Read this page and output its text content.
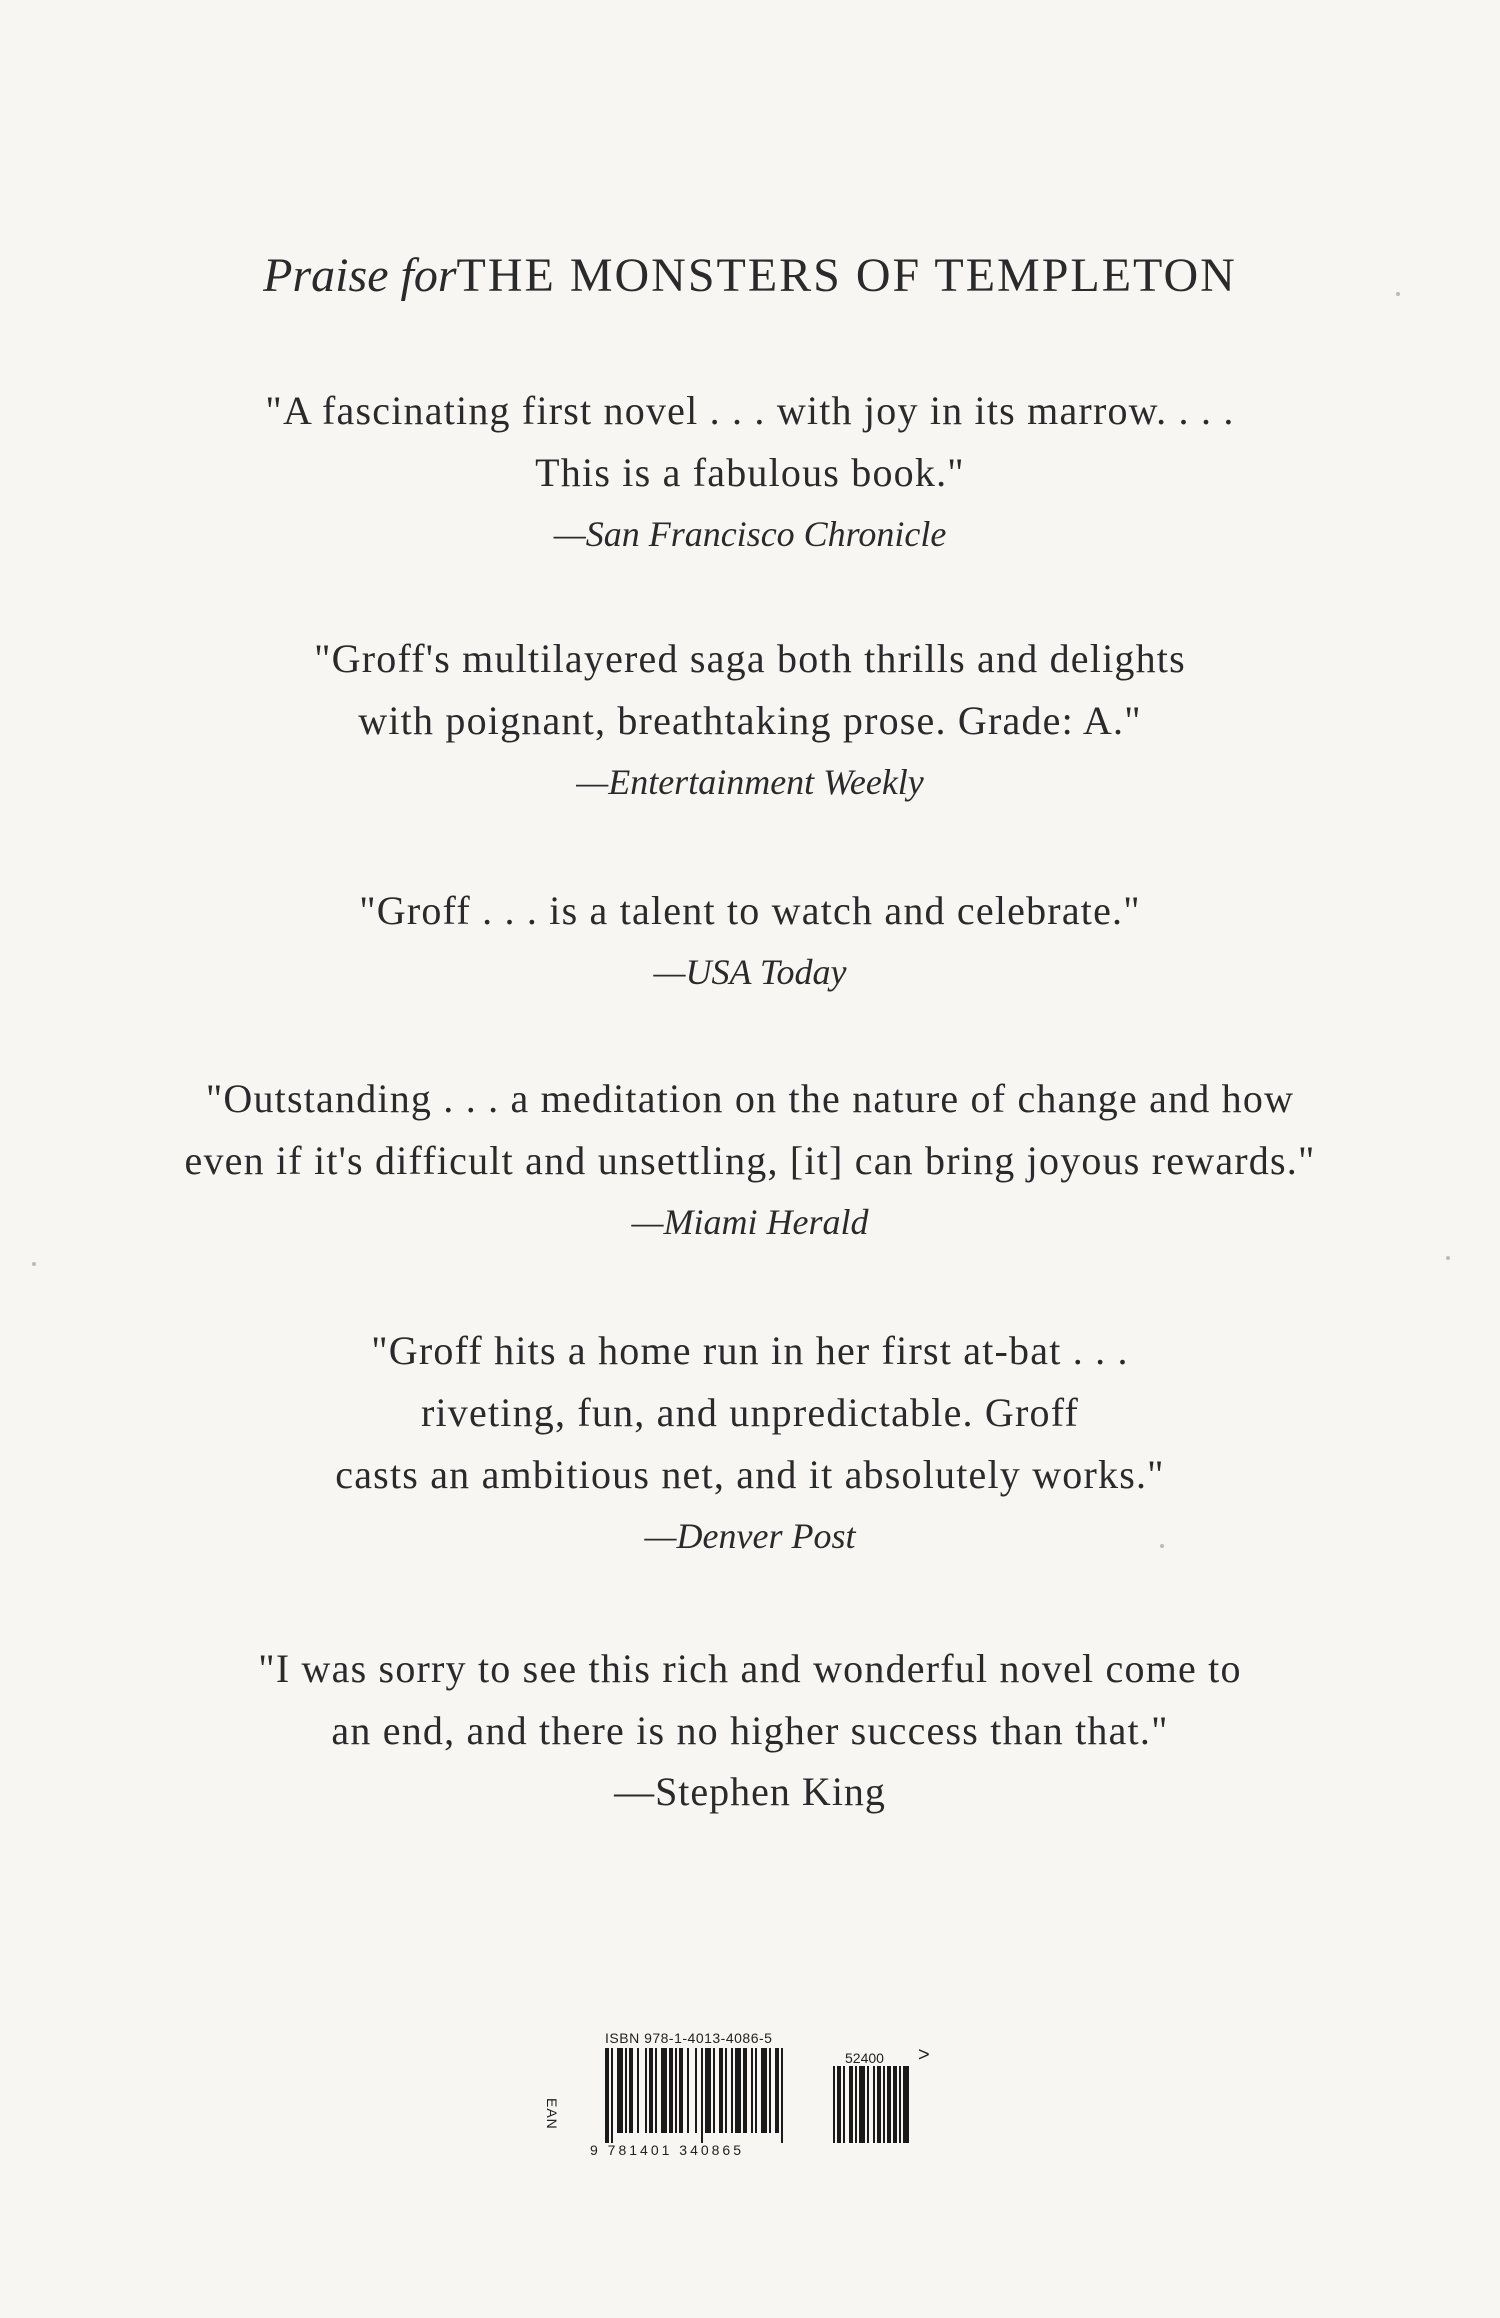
Praise forTHE MONSTERS OF TEMPLETON
"A fascinating first novel . . . with joy in its marrow. . . .
This is a fabulous book."
—San Francisco Chronicle
"Groff's multilayered saga both thrills and delights
with poignant, breathtaking prose. Grade: A."
—Entertainment Weekly
"Groff . . . is a talent to watch and celebrate."
—USA Today
"Outstanding . . . a meditation on the nature of change and how
even if it's difficult and unsettling, [it] can bring joyous rewards."
—Miami Herald
"Groff hits a home run in her first at-bat . . .
riveting, fun, and unpredictable. Groff
casts an ambitious net, and it absolutely works."
—Denver Post
"I was sorry to see this rich and wonderful novel come to
an end, and there is no higher success than that."
—Stephen King
ISBN 978-1-4013-4086-5
EAN
52400 >
9 781401 340865
